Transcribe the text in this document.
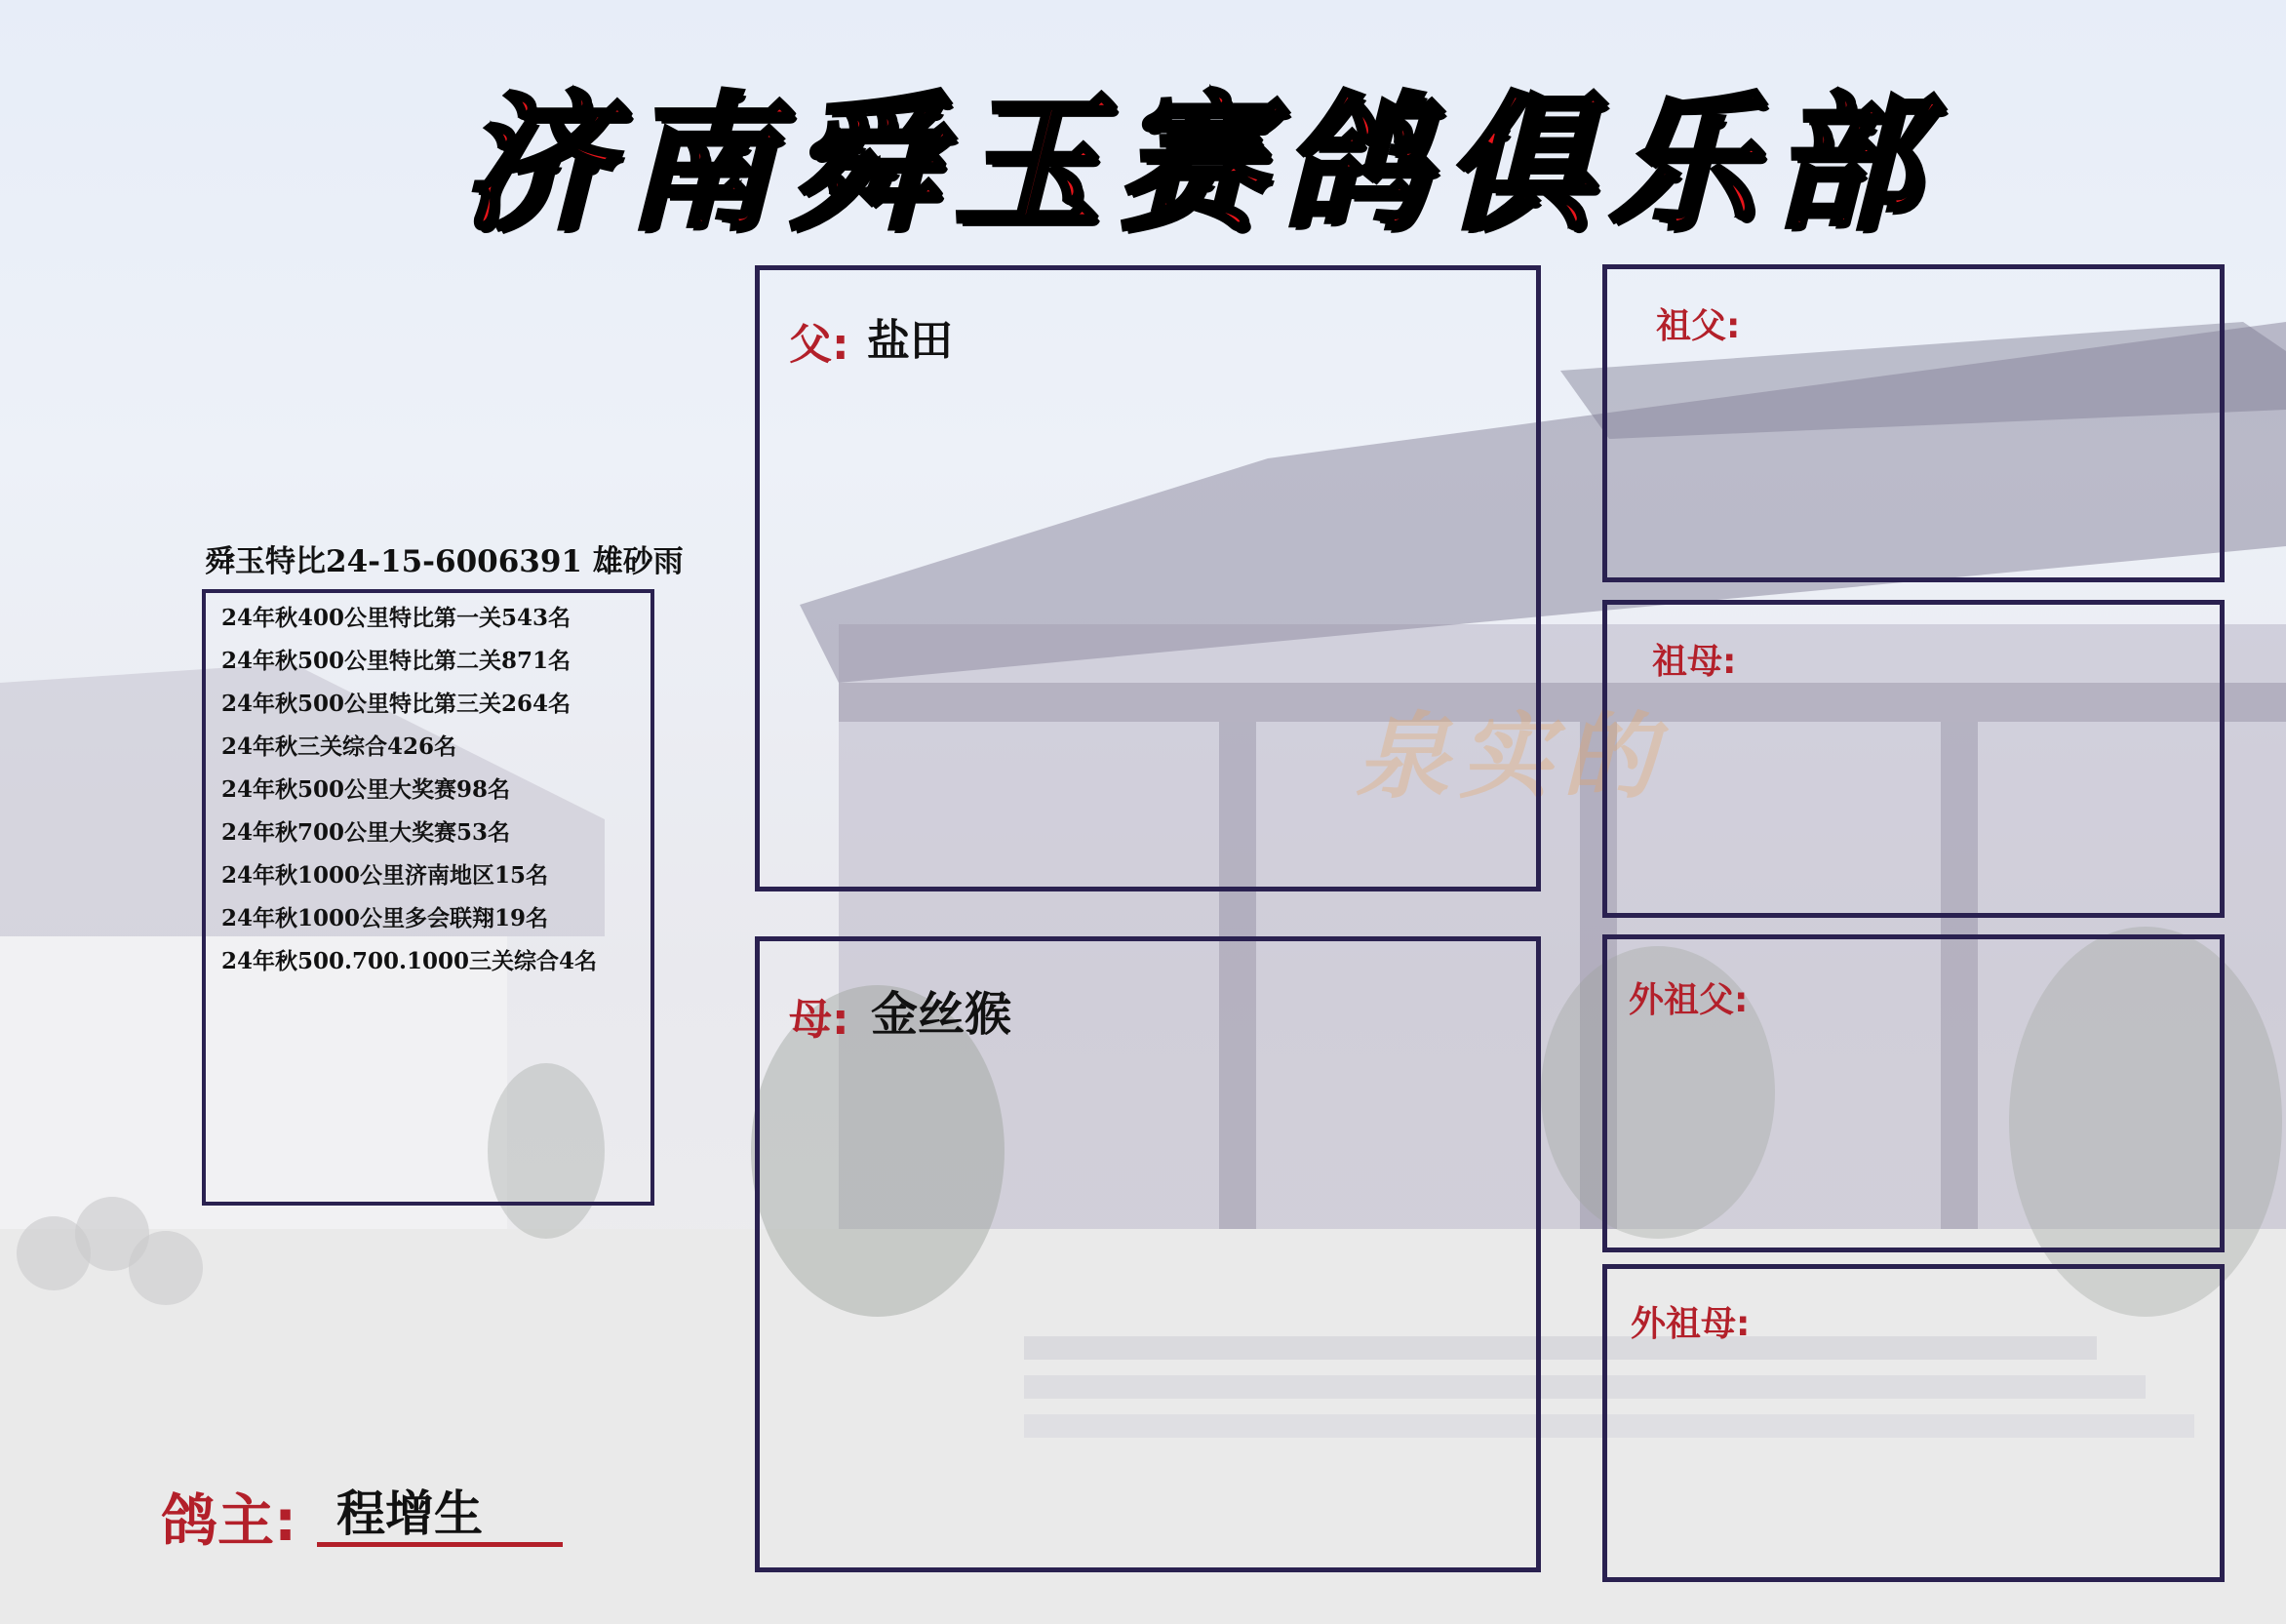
泉实的
济南舜玉赛鸽俱乐部
舜玉特比24-15-6006391 雄砂雨
24年秋400公里特比第一关543名
24年秋500公里特比第二关871名
24年秋500公里特比第三关264名
24年秋三关综合426名
24年秋500公里大奖赛98名
24年秋700公里大奖赛53名
24年秋1000公里济南地区15名
24年秋1000公里多会联翔19名
24年秋500.700.1000三关综合4名
父: 盐田
母: 金丝猴
祖父:
祖母:
外祖父:
外祖母:
鸽主: 程增生
